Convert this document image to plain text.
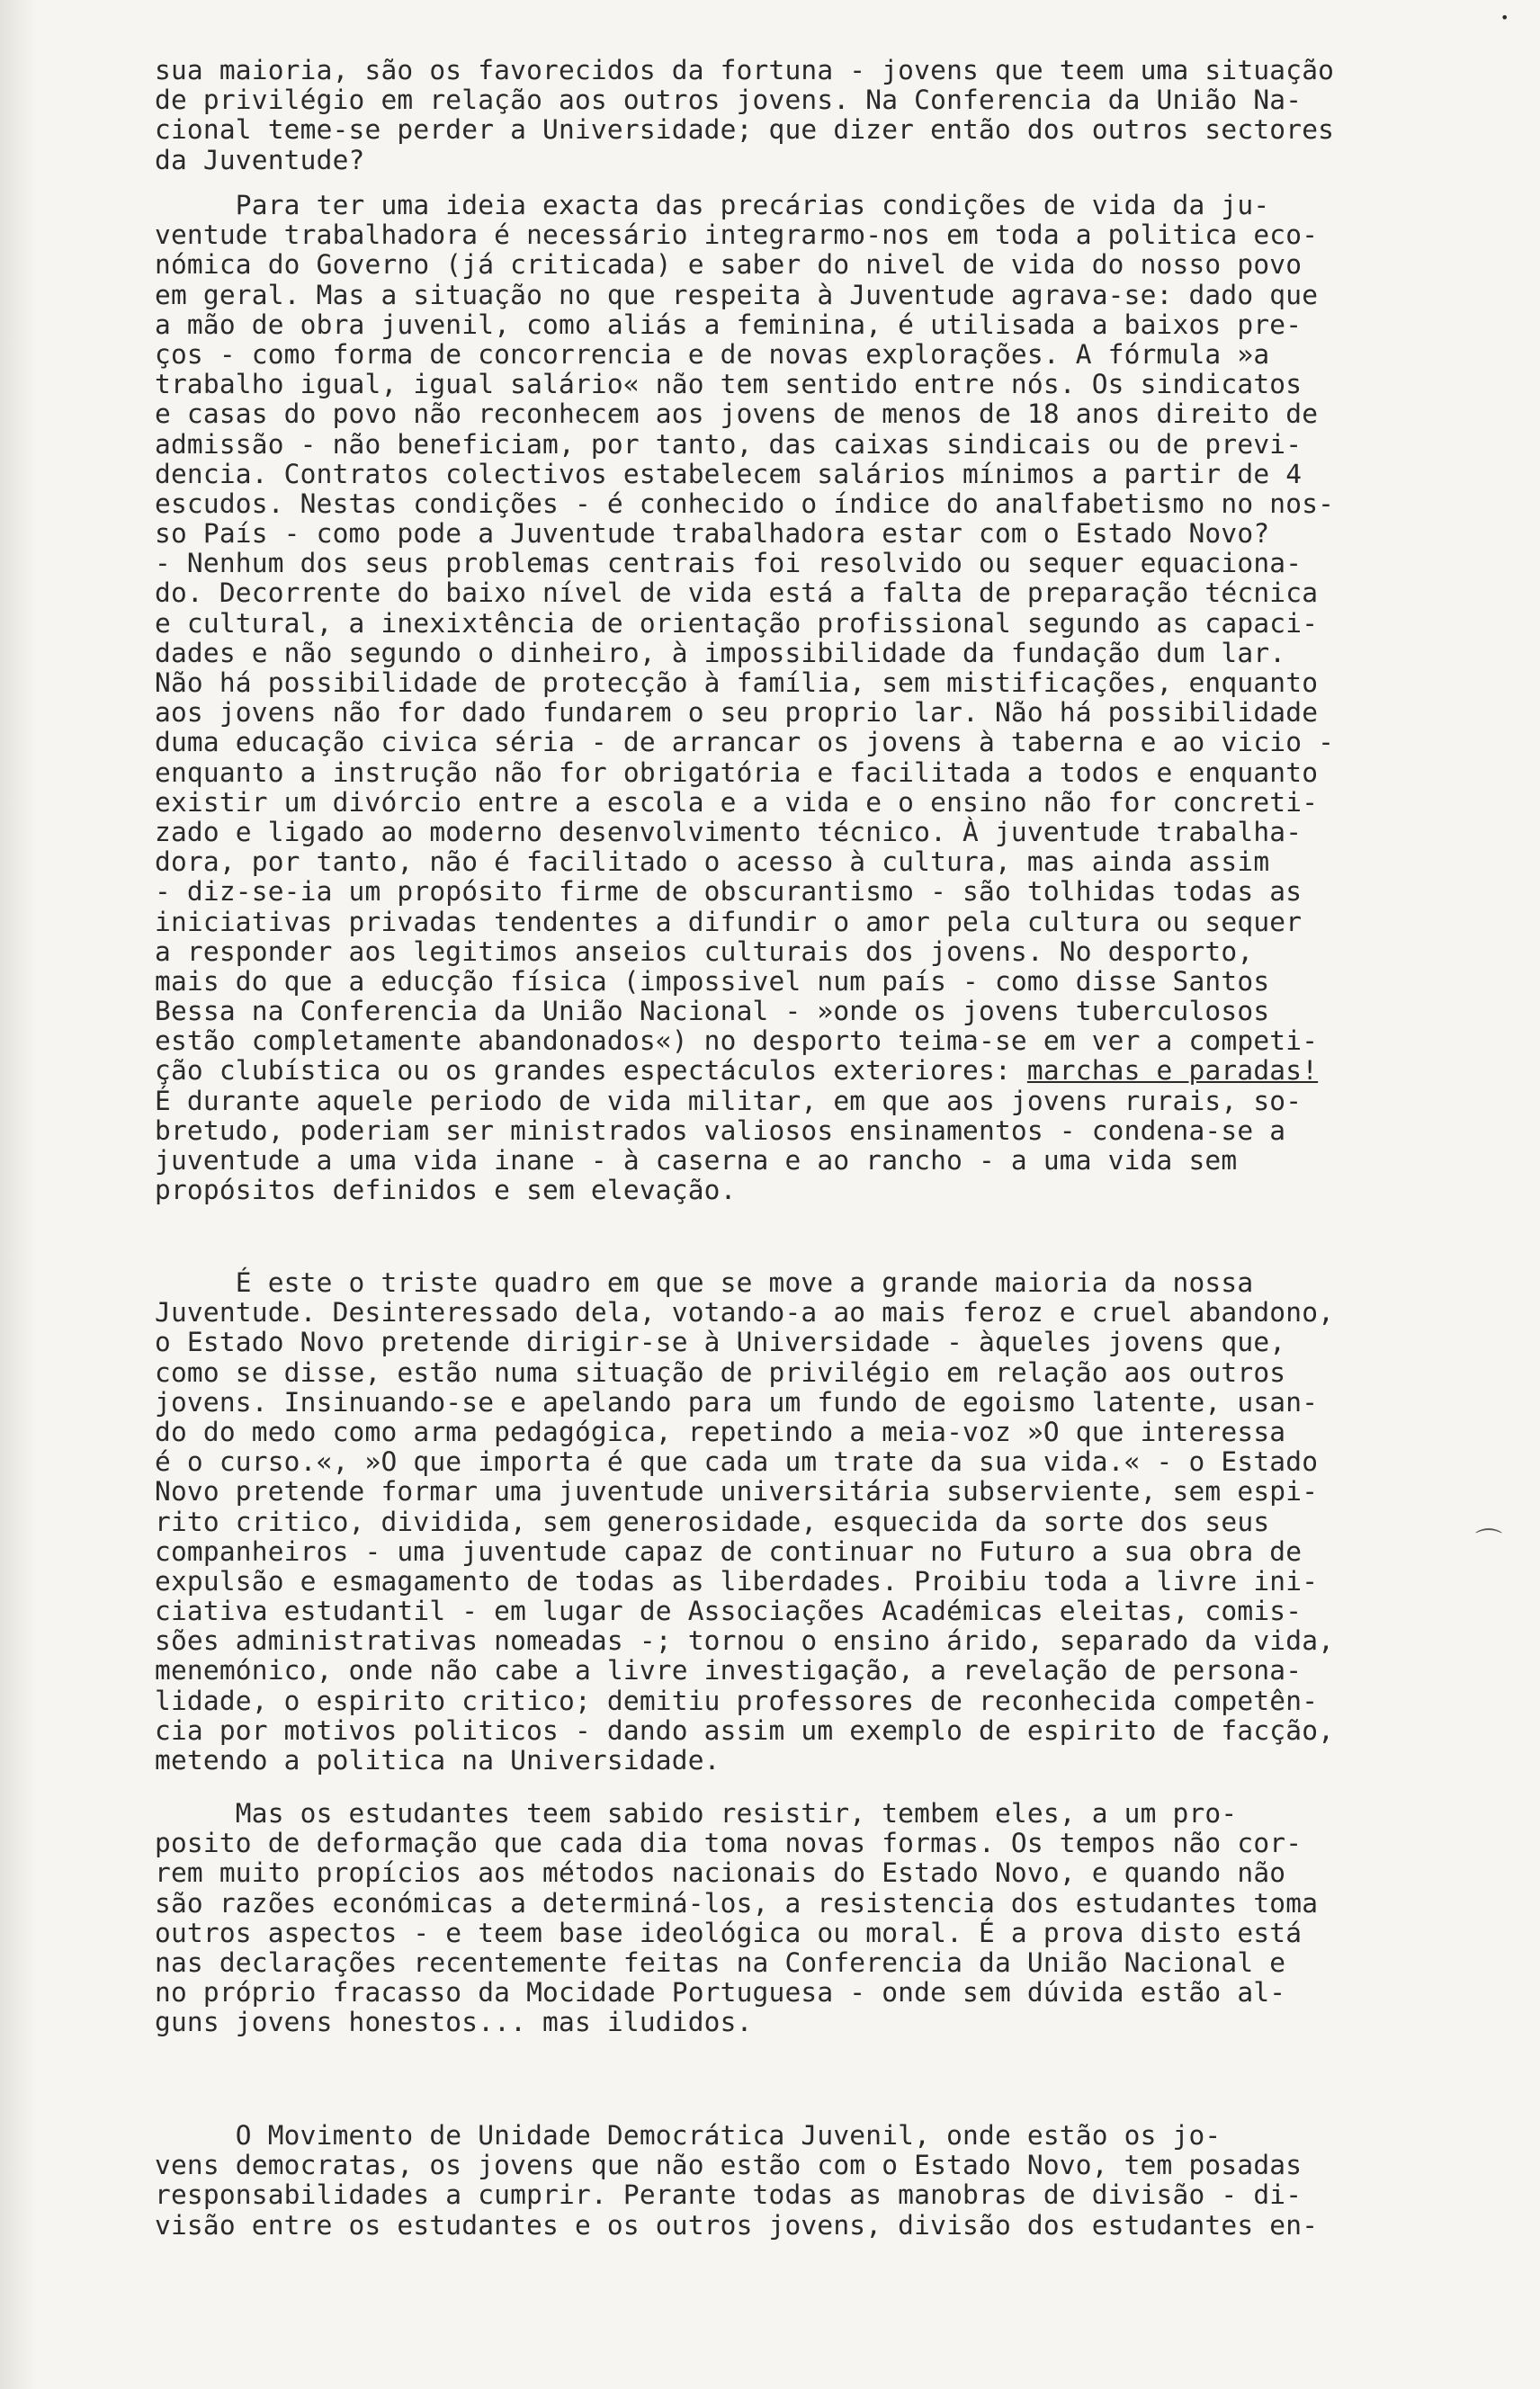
sua maioria, são os favorecidos da fortuna - jovens que teem uma situação
de privilégio em relação aos outros jovens. Na Conferencia da União Na-
cional teme-se perder a Universidade; que dizer então dos outros sectores
da Juventude?
Para ter uma ideia exacta das precárias condições de vida da ju-
ventude trabalhadora é necessário integrarmo-nos em toda a politica eco-
nómica do Governo (já criticada) e saber do nivel de vida do nosso povo
em geral. Mas a situação no que respeita à Juventude agrava-se: dado que
a mão de obra juvenil, como aliás a feminina, é utilisada a baixos pre-
ços - como forma de concorrencia e de novas explorações. A fórmula »a
trabalho igual, igual salário« não tem sentido entre nós. Os sindicatos
e casas do povo não reconhecem aos jovens de menos de 18 anos direito de
admissão - não beneficiam, por tanto, das caixas sindicais ou de previ-
dencia. Contratos colectivos estabelecem salários mínimos a partir de 4
escudos. Nestas condições - é conhecido o índice do analfabetismo no nos-
so País - como pode a Juventude trabalhadora estar com o Estado Novo?
- Nenhum dos seus problemas centrais foi resolvido ou sequer equaciona-
do. Decorrente do baixo nível de vida está a falta de preparação técnica
e cultural, a inexixtência de orientação profissional segundo as capaci-
dades e não segundo o dinheiro, à impossibilidade da fundação dum lar.
Não há possibilidade de protecção à família, sem mistificações, enquanto
aos jovens não for dado fundarem o seu proprio lar. Não há possibilidade
duma educação civica séria - de arrancar os jovens à taberna e ao vicio -
enquanto a instrução não for obrigatória e facilitada a todos e enquanto
existir um divórcio entre a escola e a vida e o ensino não for concreti-
zado e ligado ao moderno desenvolvimento técnico. À juventude trabalha-
dora, por tanto, não é facilitado o acesso à cultura, mas ainda assim
- diz-se-ia um propósito firme de obscurantismo - são tolhidas todas as
iniciativas privadas tendentes a difundir o amor pela cultura ou sequer
a responder aos legitimos anseios culturais dos jovens. No desporto,
mais do que a educção física (impossivel num país - como disse Santos
Bessa na Conferencia da União Nacional - »onde os jovens tuberculosos
estão completamente abandonados«) no desporto teima-se em ver a competi-
ção clubística ou os grandes espectáculos exteriores: marchas e paradas!
É durante aquele periodo de vida militar, em que aos jovens rurais, so-
bretudo, poderiam ser ministrados valiosos ensinamentos - condena-se a
juventude a uma vida inane - à caserna e ao rancho - a uma vida sem
propósitos definidos e sem elevação.
É este o triste quadro em que se move a grande maioria da nossa
Juventude. Desinteressado dela, votando-a ao mais feroz e cruel abandono,
o Estado Novo pretende dirigir-se à Universidade - àqueles jovens que,
como se disse, estão numa situação de privilégio em relação aos outros
jovens. Insinuando-se e apelando para um fundo de egoismo latente, usan-
do do medo como arma pedagógica, repetindo a meia-voz »O que interessa
é o curso.«, »O que importa é que cada um trate da sua vida.« - o Estado
Novo pretende formar uma juventude universitária subserviente, sem espi-
rito critico, dividida, sem generosidade, esquecida da sorte dos seus
companheiros - uma juventude capaz de continuar no Futuro a sua obra de
expulsão e esmagamento de todas as liberdades. Proibiu toda a livre ini-
ciativa estudantil - em lugar de Associações Académicas eleitas, comis-
sões administrativas nomeadas -; tornou o ensino árido, separado da vida,
menemónico, onde não cabe a livre investigação, a revelação de persona-
lidade, o espirito critico; demitiu professores de reconhecida competên-
cia por motivos politicos - dando assim um exemplo de espirito de facção,
metendo a politica na Universidade.
Mas os estudantes teem sabido resistir, tembem eles, a um pro-
posito de deformação que cada dia toma novas formas. Os tempos não cor-
rem muito propícios aos métodos nacionais do Estado Novo, e quando não
são razões económicas a determiná-los, a resistencia dos estudantes toma
outros aspectos - e teem base ideológica ou moral. É a prova disto está
nas declarações recentemente feitas na Conferencia da União Nacional e
no próprio fracasso da Mocidade Portuguesa - onde sem dúvida estão al-
guns jovens honestos... mas iludidos.
O Movimento de Unidade Democrática Juvenil, onde estão os jo-
vens democratas, os jovens que não estão com o Estado Novo, tem posadas
responsabilidades a cumprir. Perante todas as manobras de divisão - di-
visão entre os estudantes e os outros jovens, divisão dos estudantes en-
•
⌒
